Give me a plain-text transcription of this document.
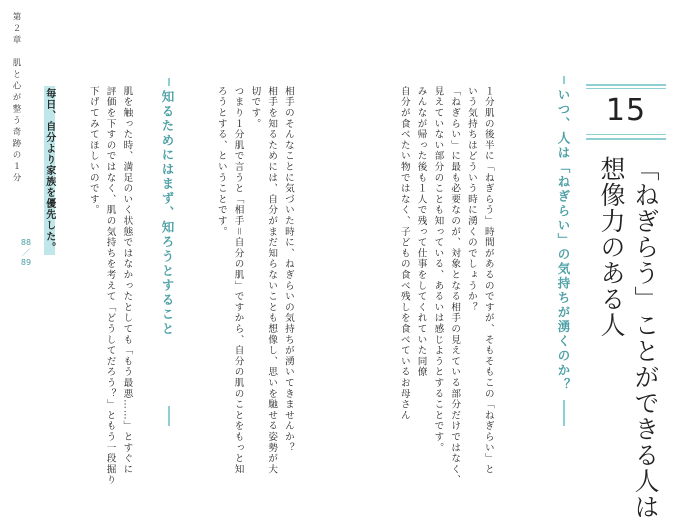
第２章　肌と心が整う奇跡の１分
88
／
89
15
「ねぎらう」ことができる人は
想像力のある人
いつ、人は「ねぎらい」の気持ちが湧くのか？

１分肌の後半に「ねぎらう」時間があるのですが、そもそもこの「ねぎらい」と

いう気持ちはどういう時に湧くのでしょうか？

「ねぎらい」に最も必要なのが、対象となる相手の見えている部分だけではなく、

見えていない部分のことも知っている、あるいは感じようとすることです。

みんなが帰った後も１人で残って仕事をしてくれていた同僚

自分が食べたい物ではなく、子どもの食べ残しを食べているお母さん

相手のそんなことに気づいた時に、ねぎらいの気持ちが湧いてきませんか？

相手を知るためには、自分がまだ知らないことも想像し、思いを馳せる姿勢が大

切です。

つまり１分肌で言うと「相手＝自分の肌」ですから、自分の肌のことをもっと知

ろうとする、ということです。

知るためにはまず、知ろうとすること

肌を触った時、満足のいく状態ではなかったとしても「もう最悪……」とすぐに

評価を下すのではなく、肌の気持ちを考えて「どうしてだろう？」ともう一段掘り

下げてみてほしいのです。

毎日、自分より家族を優先した。
